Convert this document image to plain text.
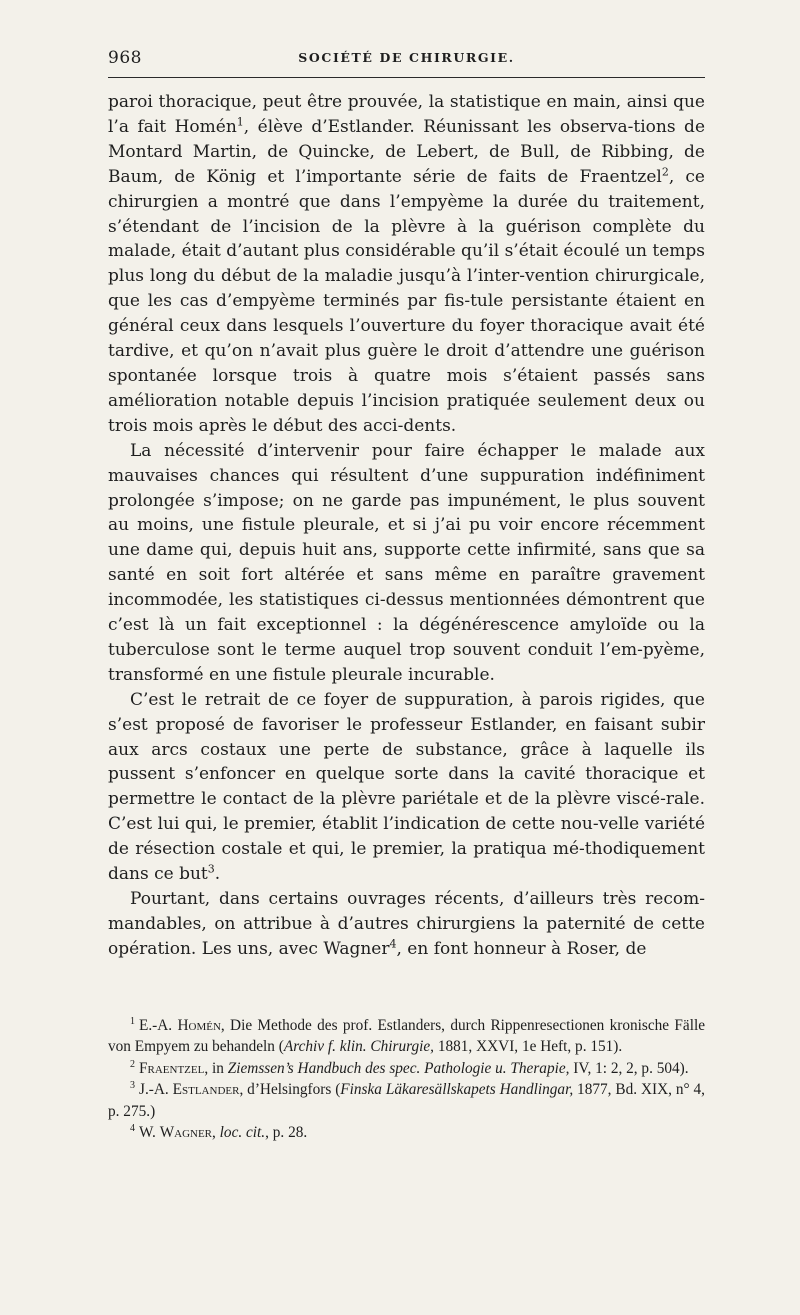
968	SOCIÉTÉ DE CHIRURGIE.

paroi thoracique, peut être prouvée, la statistique en main, ainsi que l’a fait Homén$^1$, élève d’Estlander. Réunissant les observa-tions de Montard Martin, de Quincke, de Lebert, de Bull, de Ribbing, de Baum, de König et l’importante série de faits de Fraentzel$^2$, ce chirurgien a montré que dans l’empyème la durée du traitement, s’étendant de l’incision de la plèvre à la guérison complète du malade, était d’autant plus considérable qu’il s’était écoulé un temps plus long du début de la maladie jusqu’à l’inter-vention chirurgicale, que les cas d’empyème terminés par fis-tule persistante étaient en général ceux dans lesquels l’ouverture du foyer thoracique avait été tardive, et qu’on n’avait plus guère le droit d’attendre une guérison spontanée lorsque trois à quatre mois s’étaient passés sans amélioration notable depuis l’incision pratiquée seulement deux ou trois mois après le début des acci-dents.

La nécessité d’intervenir pour faire échapper le malade aux mauvaises chances qui résultent d’une suppuration indéfiniment prolongée s’impose; on ne garde pas impunément, le plus souvent au moins, une fistule pleurale, et si j’ai pu voir encore récemment une dame qui, depuis huit ans, supporte cette infirmité, sans que sa santé en soit fort altérée et sans même en paraître gravement incommodée, les statistiques ci-dessus mentionnées démontrent que c’est là un fait exceptionnel : la dégénérescence amyloïde ou la tuberculose sont le terme auquel trop souvent conduit l’em-pyème, transformé en une fistule pleurale incurable.

C’est le retrait de ce foyer de suppuration, à parois rigides, que s’est proposé de favoriser le professeur Estlander, en faisant subir aux arcs costaux une perte de substance, grâce à laquelle ils pussent s’enfoncer en quelque sorte dans la cavité thoracique et permettre le contact de la plèvre pariétale et de la plèvre viscé-rale. C’est lui qui, le premier, établit l’indication de cette nou-velle variété de résection costale et qui, le premier, la pratiqua mé-thodiquement dans ce but$^3$.

Pourtant, dans certains ouvrages récents, d’ailleurs très recom-mandables, on attribue à d’autres chirurgiens la paternité de cette opération. Les uns, avec Wagner$^4$, en font honneur à Roser, de

$^1$ E.-A. Homén, Die Methode des prof. Estlanders, durch Rippenresectionen kronische Fälle von Empyem zu behandeln (Archiv f. klin. Chirurgie, 1881, XXVI, 1e Heft, p. 151).

$^2$ Fraentzel, in Ziemssen’s Handbuch des spec. Pathologie u. Therapie, IV, 1: 2, 2, p. 504).

$^3$ J.-A. Estlander, d’Helsingfors (Finska Läkaresällskapets Handlingar, 1877, Bd. XIX, n° 4, p. 275.)

$^4$ W. Wagner, loc. cit., p. 28.
